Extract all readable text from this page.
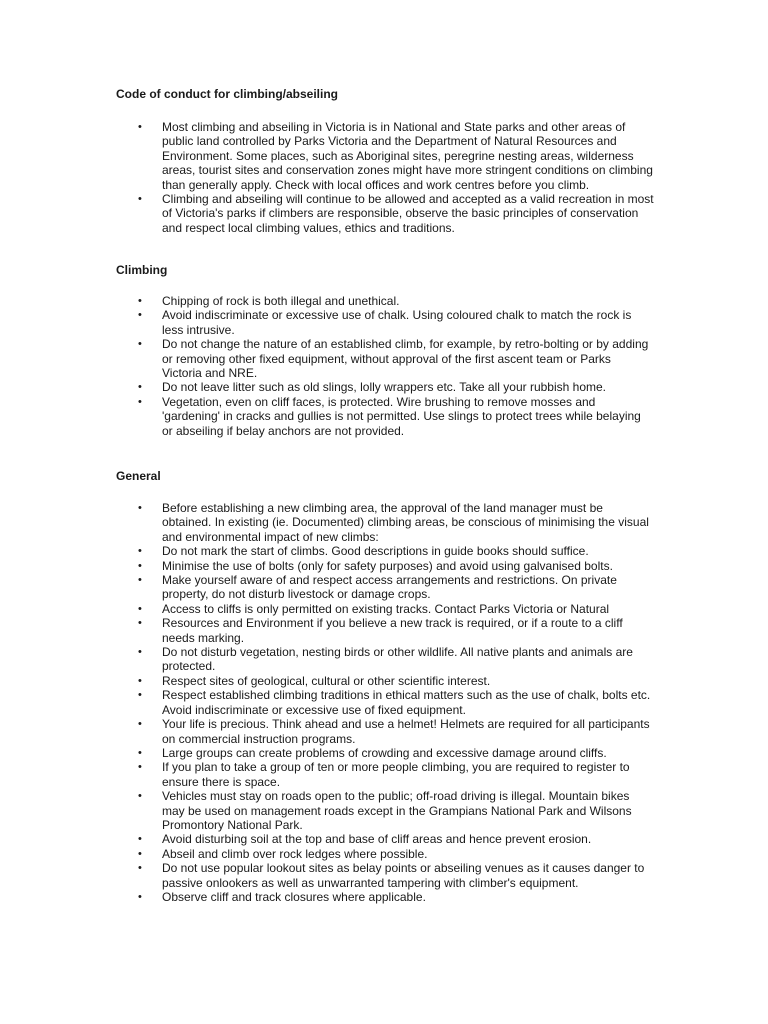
Code of conduct for climbing/abseiling
• Most climbing and abseiling in Victoria is in National and State parks and other areas of public land controlled by Parks Victoria and the Department of Natural Resources and Environment. Some places, such as Aboriginal sites, peregrine nesting areas, wilderness areas, tourist sites and conservation zones might have more stringent conditions on climbing than generally apply. Check with local offices and work centres before you climb.
• Climbing and abseiling will continue to be allowed and accepted as a valid recreation in most of Victoria's parks if climbers are responsible, observe the basic principles of conservation and respect local climbing values, ethics and traditions.
Climbing
• Chipping of rock is both illegal and unethical.
• Avoid indiscriminate or excessive use of chalk. Using coloured chalk to match the rock is less intrusive.
• Do not change the nature of an established climb, for example, by retro-bolting or by adding or removing other fixed equipment, without approval of the first ascent team or Parks Victoria and NRE.
• Do not leave litter such as old slings, lolly wrappers etc. Take all your rubbish home.
• Vegetation, even on cliff faces, is protected. Wire brushing to remove mosses and 'gardening' in cracks and gullies is not permitted. Use slings to protect trees while belaying or abseiling if belay anchors are not provided.
General
• Before establishing a new climbing area, the approval of the land manager must be obtained. In existing (ie. Documented) climbing areas, be conscious of minimising the visual and environmental impact of new climbs:
• Do not mark the start of climbs. Good descriptions in guide books should suffice.
• Minimise the use of bolts (only for safety purposes) and avoid using galvanised bolts.
• Make yourself aware of and respect access arrangements and restrictions. On private property, do not disturb livestock or damage crops.
• Access to cliffs is only permitted on existing tracks. Contact Parks Victoria or Natural
• Resources and Environment if you believe a new track is required, or if a route to a cliff needs marking.
• Do not disturb vegetation, nesting birds or other wildlife. All native plants and animals are protected.
• Respect sites of geological, cultural or other scientific interest.
• Respect established climbing traditions in ethical matters such as the use of chalk, bolts etc. Avoid indiscriminate or excessive use of fixed equipment.
• Your life is precious. Think ahead and use a helmet! Helmets are required for all participants on commercial instruction programs.
• Large groups can create problems of crowding and excessive damage around cliffs.
• If you plan to take a group of ten or more people climbing, you are required to register to ensure there is space.
• Vehicles must stay on roads open to the public; off-road driving is illegal. Mountain bikes may be used on management roads except in the Grampians National Park and Wilsons Promontory National Park.
• Avoid disturbing soil at the top and base of cliff areas and hence prevent erosion.
• Abseil and climb over rock ledges where possible.
• Do not use popular lookout sites as belay points or abseiling venues as it causes danger to passive onlookers as well as unwarranted tampering with climber's equipment.
• Observe cliff and track closures where applicable.
